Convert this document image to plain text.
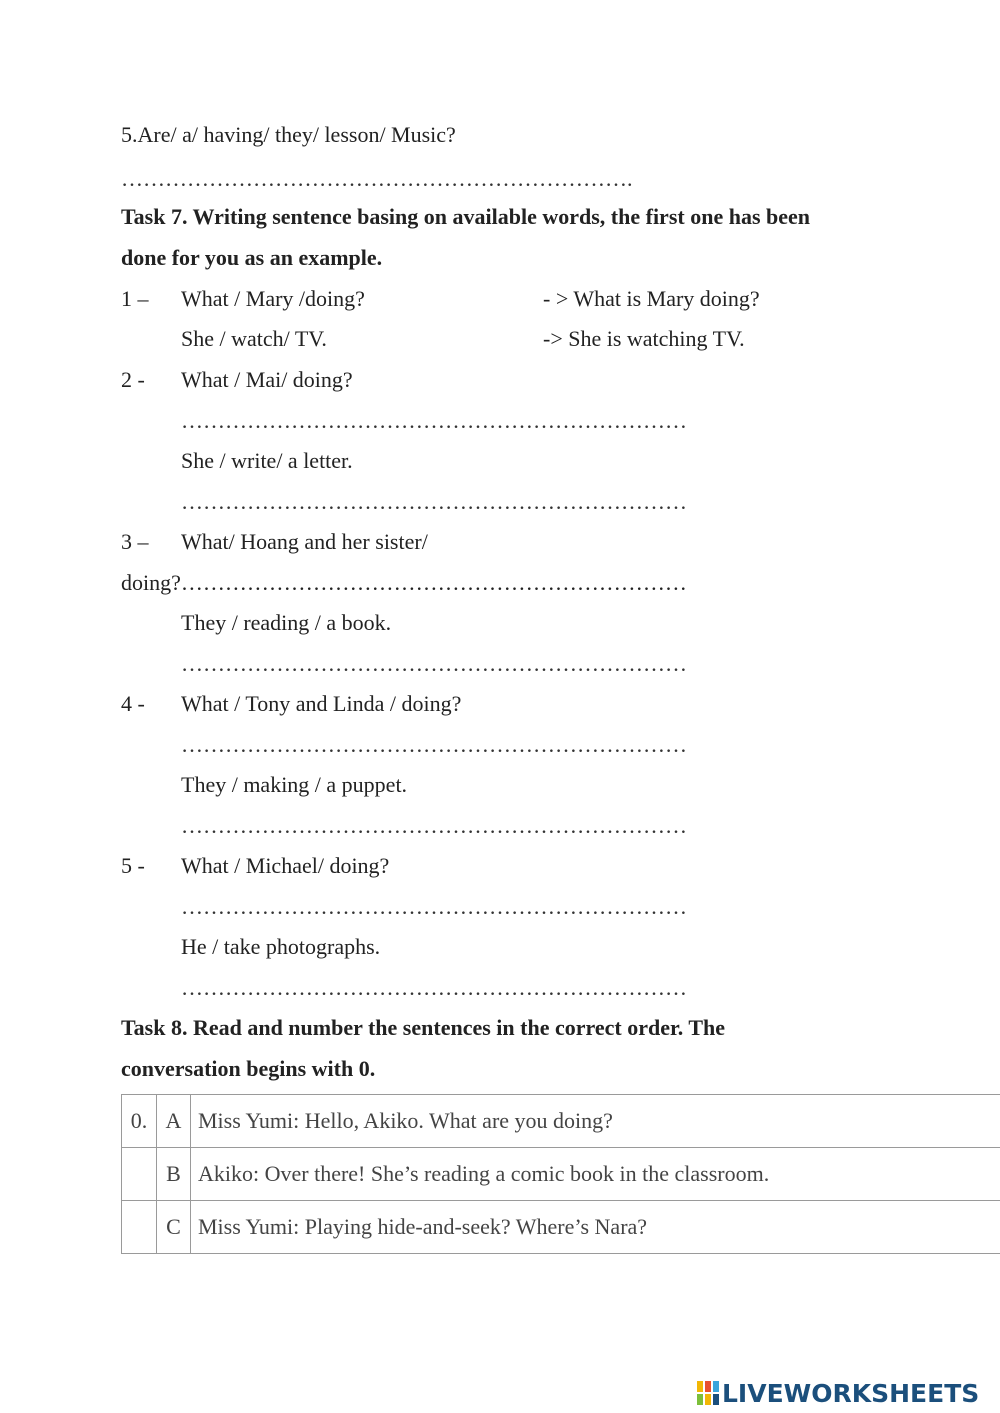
5.Are/ a/ having/ they/ lesson/ Music?
…………………………………………………………….
Task 7. Writing sentence basing on available words, the first one has been
done for you as an example.
1 – What / Mary /doing?	- > What is Mary doing?
She / watch/ TV.	-> She is watching TV.
2 - What / Mai/ doing?
……………………………………………………………
She / write/ a letter.
……………………………………………………………
3 – What/ Hoang and her sister/
doing?……………………………………………………………
They / reading / a book.
……………………………………………………………
4 - What / Tony and Linda / doing?
……………………………………………………………
They / making / a puppet.
……………………………………………………………
5 - What / Michael/ doing?
……………………………………………………………
He / take photographs.
……………………………………………………………
Task 8. Read and number the sentences in the correct order. The
conversation begins with 0.
0.	A	Miss Yumi: Hello, Akiko. What are you doing?
	B	Akiko: Over there! She’s reading a comic book in the classroom.
	C	Miss Yumi: Playing hide-and-seek? Where’s Nara?
LIVEWORKSHEETS
